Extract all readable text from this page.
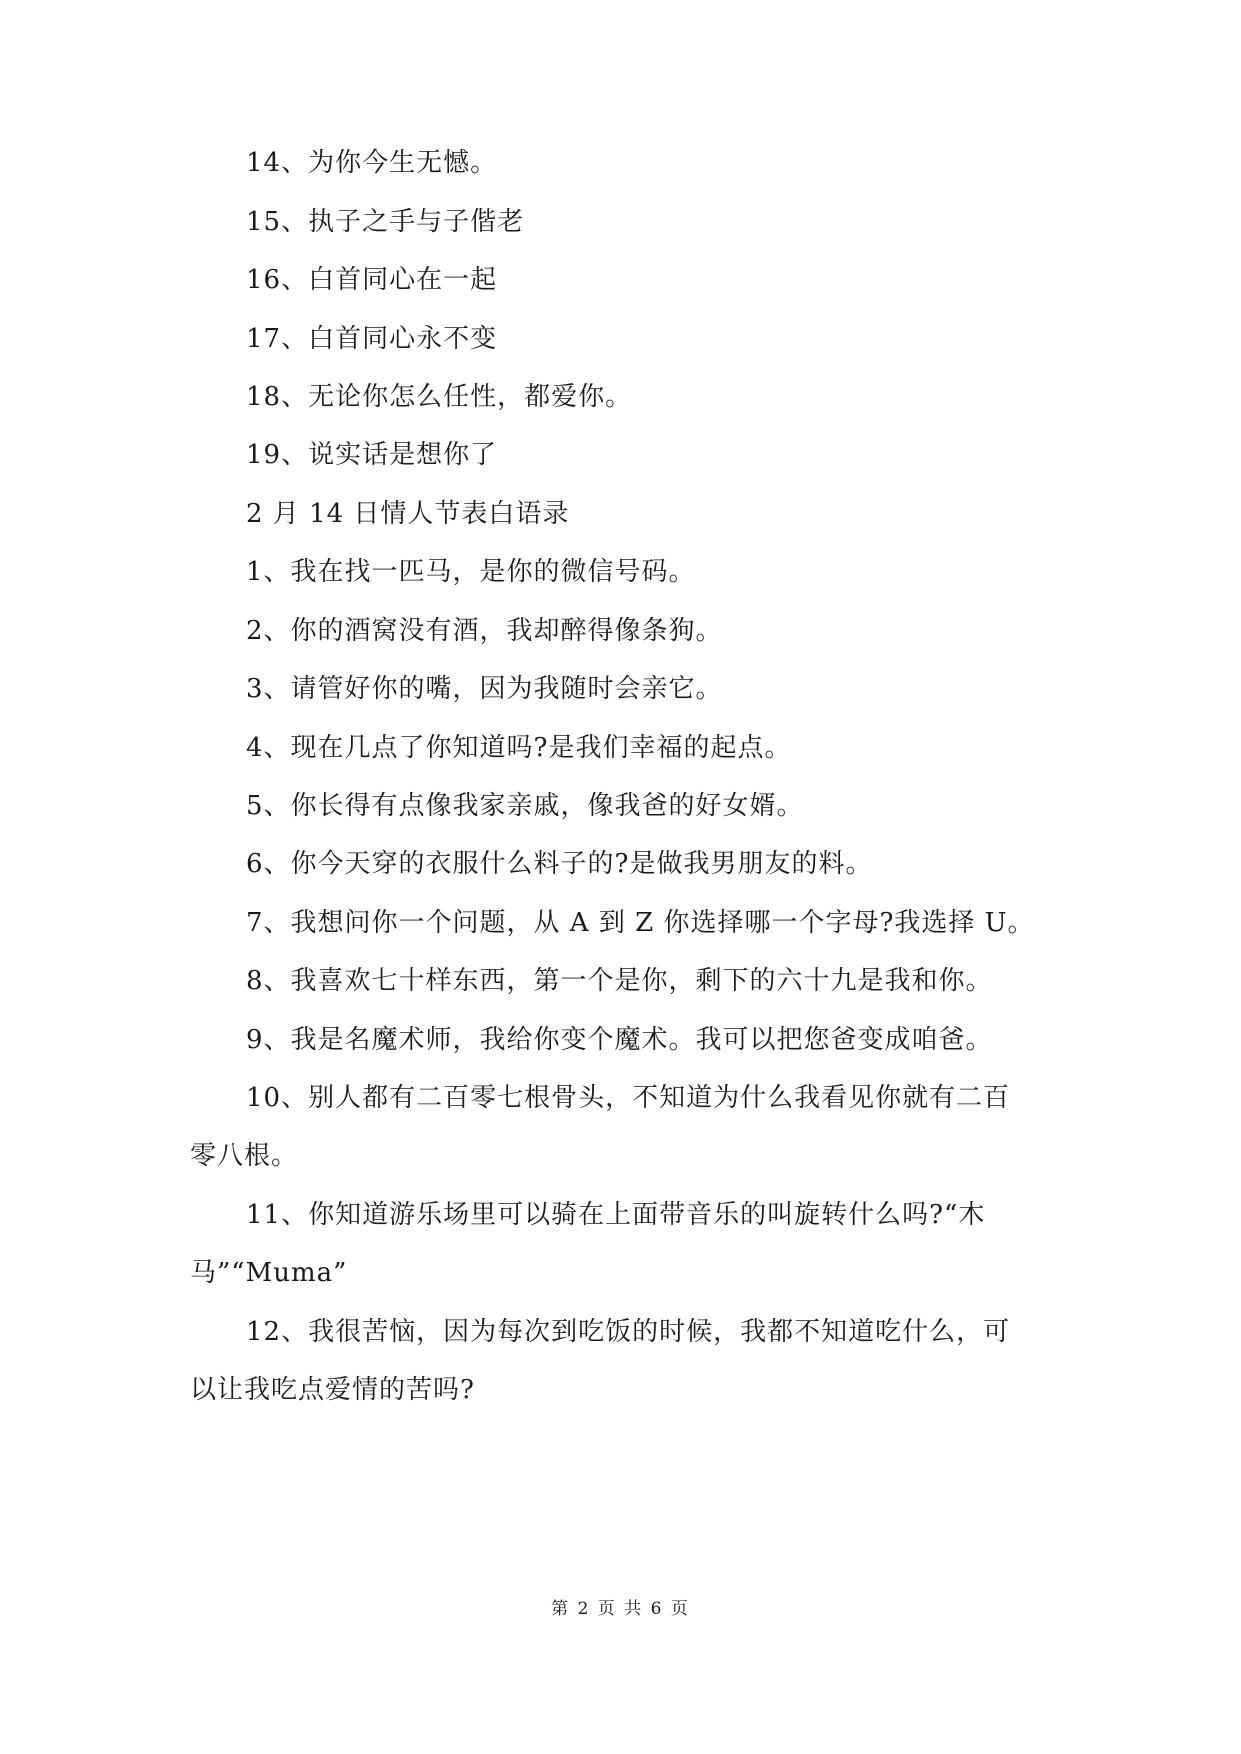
14、为你今生无憾。
15、执子之手与子偕老
16、白首同心在一起
17、白首同心永不变
18、无论你怎么任性，都爱你。
19、说实话是想你了
2 月 14 日情人节表白语录
1、我在找一匹马，是你的微信号码。
2、你的酒窝没有酒，我却醉得像条狗。
3、请管好你的嘴，因为我随时会亲它。
4、现在几点了你知道吗?是我们幸福的起点。
5、你长得有点像我家亲戚，像我爸的好女婿。
6、你今天穿的衣服什么料子的?是做我男朋友的料。
7、我想问你一个问题，从 A 到 Z 你选择哪一个字母?我选择 U。
8、我喜欢七十样东西，第一个是你，剩下的六十九是我和你。
9、我是名魔术师，我给你变个魔术。我可以把您爸变成咱爸。
10、别人都有二百零七根骨头，不知道为什么我看见你就有二百
零八根。
11、你知道游乐场里可以骑在上面带音乐的叫旋转什么吗?“木
马”“Muma”
12、我很苦恼，因为每次到吃饭的时候，我都不知道吃什么，可
以让我吃点爱情的苦吗?
第 2 页 共 6 页
